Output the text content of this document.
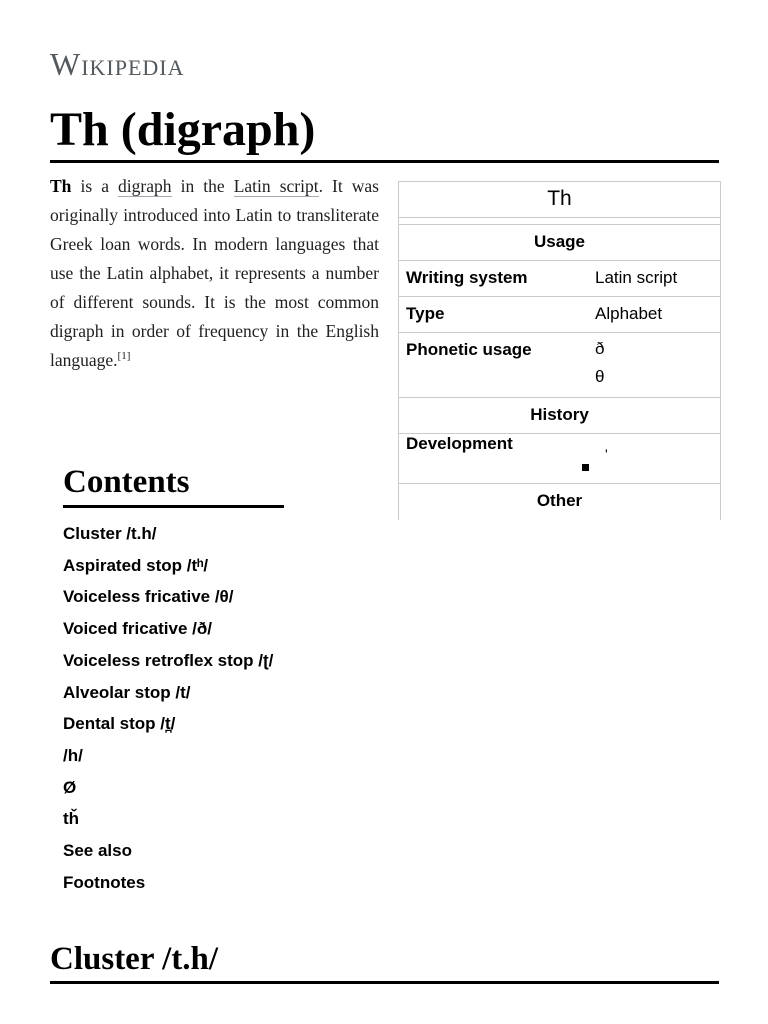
Wikipedia
Th (digraph)

Th is a digraph in the Latin script. It was originally introduced into Latin to transliterate Greek loan words. In modern languages that use the Latin alphabet, it represents a number of different sounds. It is the most common digraph in order of frequency in the English language.[1]

Th
Usage
Writing system	Latin script
Type	Alphabet
Phonetic usage	ð
θ
History
Development
'
Other
Contents
Cluster /t.h/
Aspirated stop /tʰ/
Voiceless fricative /θ/
Voiced fricative /ð/
Voiceless retroflex stop /ʈ/
Alveolar stop /t/
Dental stop /t̪/
/h/
Ø
tȟ
See also
Footnotes
Cluster /t.h/
